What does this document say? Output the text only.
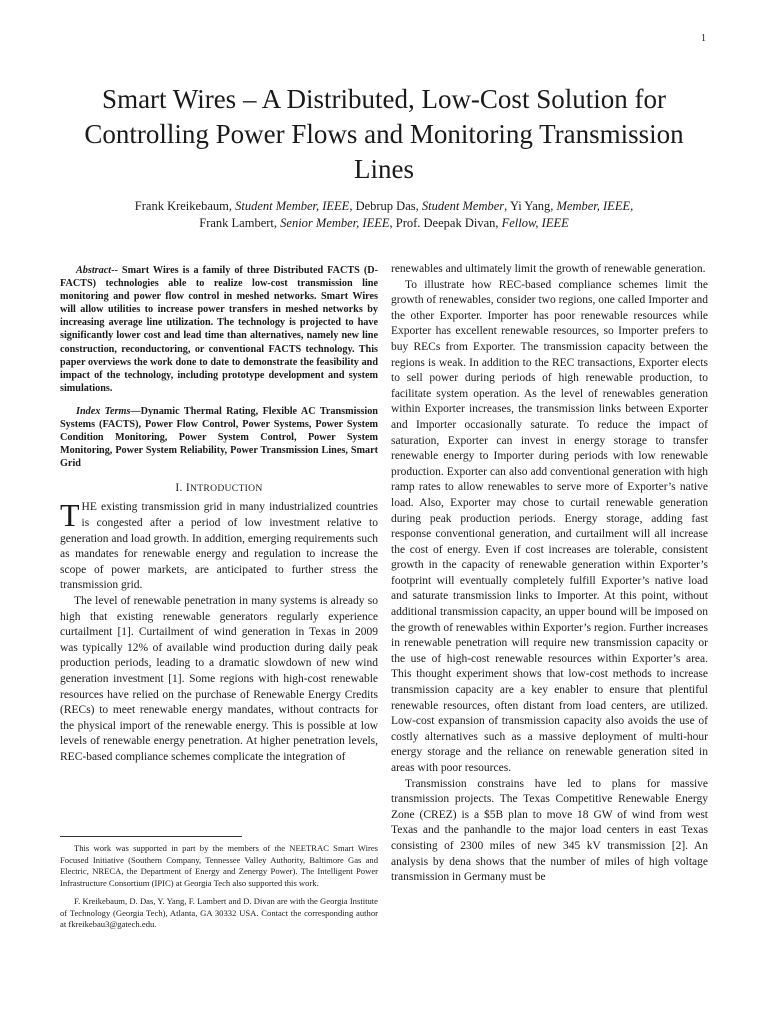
1
Smart Wires – A Distributed, Low-Cost Solution for Controlling Power Flows and Monitoring Transmission Lines
Frank Kreikebaum, Student Member, IEEE, Debrup Das, Student Member, Yi Yang, Member, IEEE,
Frank Lambert, Senior Member, IEEE, Prof. Deepak Divan, Fellow, IEEE

Abstract-- Smart Wires is a family of three Distributed FACTS (D-FACTS) technologies able to realize low-cost transmission line monitoring and power flow control in meshed networks. Smart Wires will allow utilities to increase power transfers in meshed networks by increasing average line utilization. The technology is projected to have significantly lower cost and lead time than alternatives, namely new line construction, reconductoring, or conventional FACTS technology. This paper overviews the work done to date to demonstrate the feasibility and impact of the technology, including prototype development and system simulations.

Index Terms—Dynamic Thermal Rating, Flexible AC Transmission Systems (FACTS), Power Flow Control, Power Systems, Power System Condition Monitoring, Power System Control, Power System Monitoring, Power System Reliability, Power Transmission Lines, Smart Grid

I. INTRODUCTION

THE existing transmission grid in many industrialized countries is congested after a period of low investment relative to generation and load growth. In addition, emerging requirements such as mandates for renewable energy and regulation to increase the scope of power markets, are anticipated to further stress the transmission grid.

The level of renewable penetration in many systems is already so high that existing renewable generators regularly experience curtailment [1]. Curtailment of wind generation in Texas in 2009 was typically 12% of available wind production during daily peak production periods, leading to a dramatic slowdown of new wind generation investment [1]. Some regions with high-cost renewable resources have relied on the purchase of Renewable Energy Credits (RECs) to meet renewable energy mandates, without contracts for the physical import of the renewable energy. This is possible at low levels of renewable energy penetration. At higher penetration levels, REC-based compliance schemes complicate the integration of

renewables and ultimately limit the growth of renewable generation.

To illustrate how REC-based compliance schemes limit the growth of renewables, consider two regions, one called Importer and the other Exporter. Importer has poor renewable resources while Exporter has excellent renewable resources, so Importer prefers to buy RECs from Exporter. The transmission capacity between the regions is weak. In addition to the REC transactions, Exporter elects to sell power during periods of high renewable production, to facilitate system operation. As the level of renewables generation within Exporter increases, the transmission links between Exporter and Importer occasionally saturate. To reduce the impact of saturation, Exporter can invest in energy storage to transfer renewable energy to Importer during periods with low renewable production. Exporter can also add conventional generation with high ramp rates to allow renewables to serve more of Exporter’s native load. Also, Exporter may chose to curtail renewable generation during peak production periods. Energy storage, adding fast response conventional generation, and curtailment will all increase the cost of energy. Even if cost increases are tolerable, consistent growth in the capacity of renewable generation within Exporter’s footprint will eventually completely fulfill Exporter’s native load and saturate transmission links to Importer. At this point, without additional transmission capacity, an upper bound will be imposed on the growth of renewables within Exporter’s region. Further increases in renewable penetration will require new transmission capacity or the use of high-cost renewable resources within Exporter’s area. This thought experiment shows that low-cost methods to increase transmission capacity are a key enabler to ensure that plentiful renewable resources, often distant from load centers, are utilized. Low-cost expansion of transmission capacity also avoids the use of costly alternatives such as a massive deployment of multi-hour energy storage and the reliance on renewable generation sited in areas with poor resources.

Transmission constrains have led to plans for massive transmission projects. The Texas Competitive Renewable Energy Zone (CREZ) is a $5B plan to move 18 GW of wind from west Texas and the panhandle to the major load centers in east Texas consisting of 2300 miles of new 345 kV transmission [2]. An analysis by dena shows that the number of miles of high voltage transmission in Germany must be

This work was supported in part by the members of the NEETRAC Smart Wires Focused Initiative (Southern Company, Tennessee Valley Authority, Baltimore Gas and Electric, NRECA, the Department of Energy and Zenergy Power). The Intelligent Power Infrastructure Consortium (IPIC) at Georgia Tech also supported this work.

F. Kreikebaum, D. Das, Y. Yang, F. Lambert and D. Divan are with the Georgia Institute of Technology (Georgia Tech), Atlanta, GA 30332 USA. Contact the corresponding author at fkreikebau3@gatech.edu.
